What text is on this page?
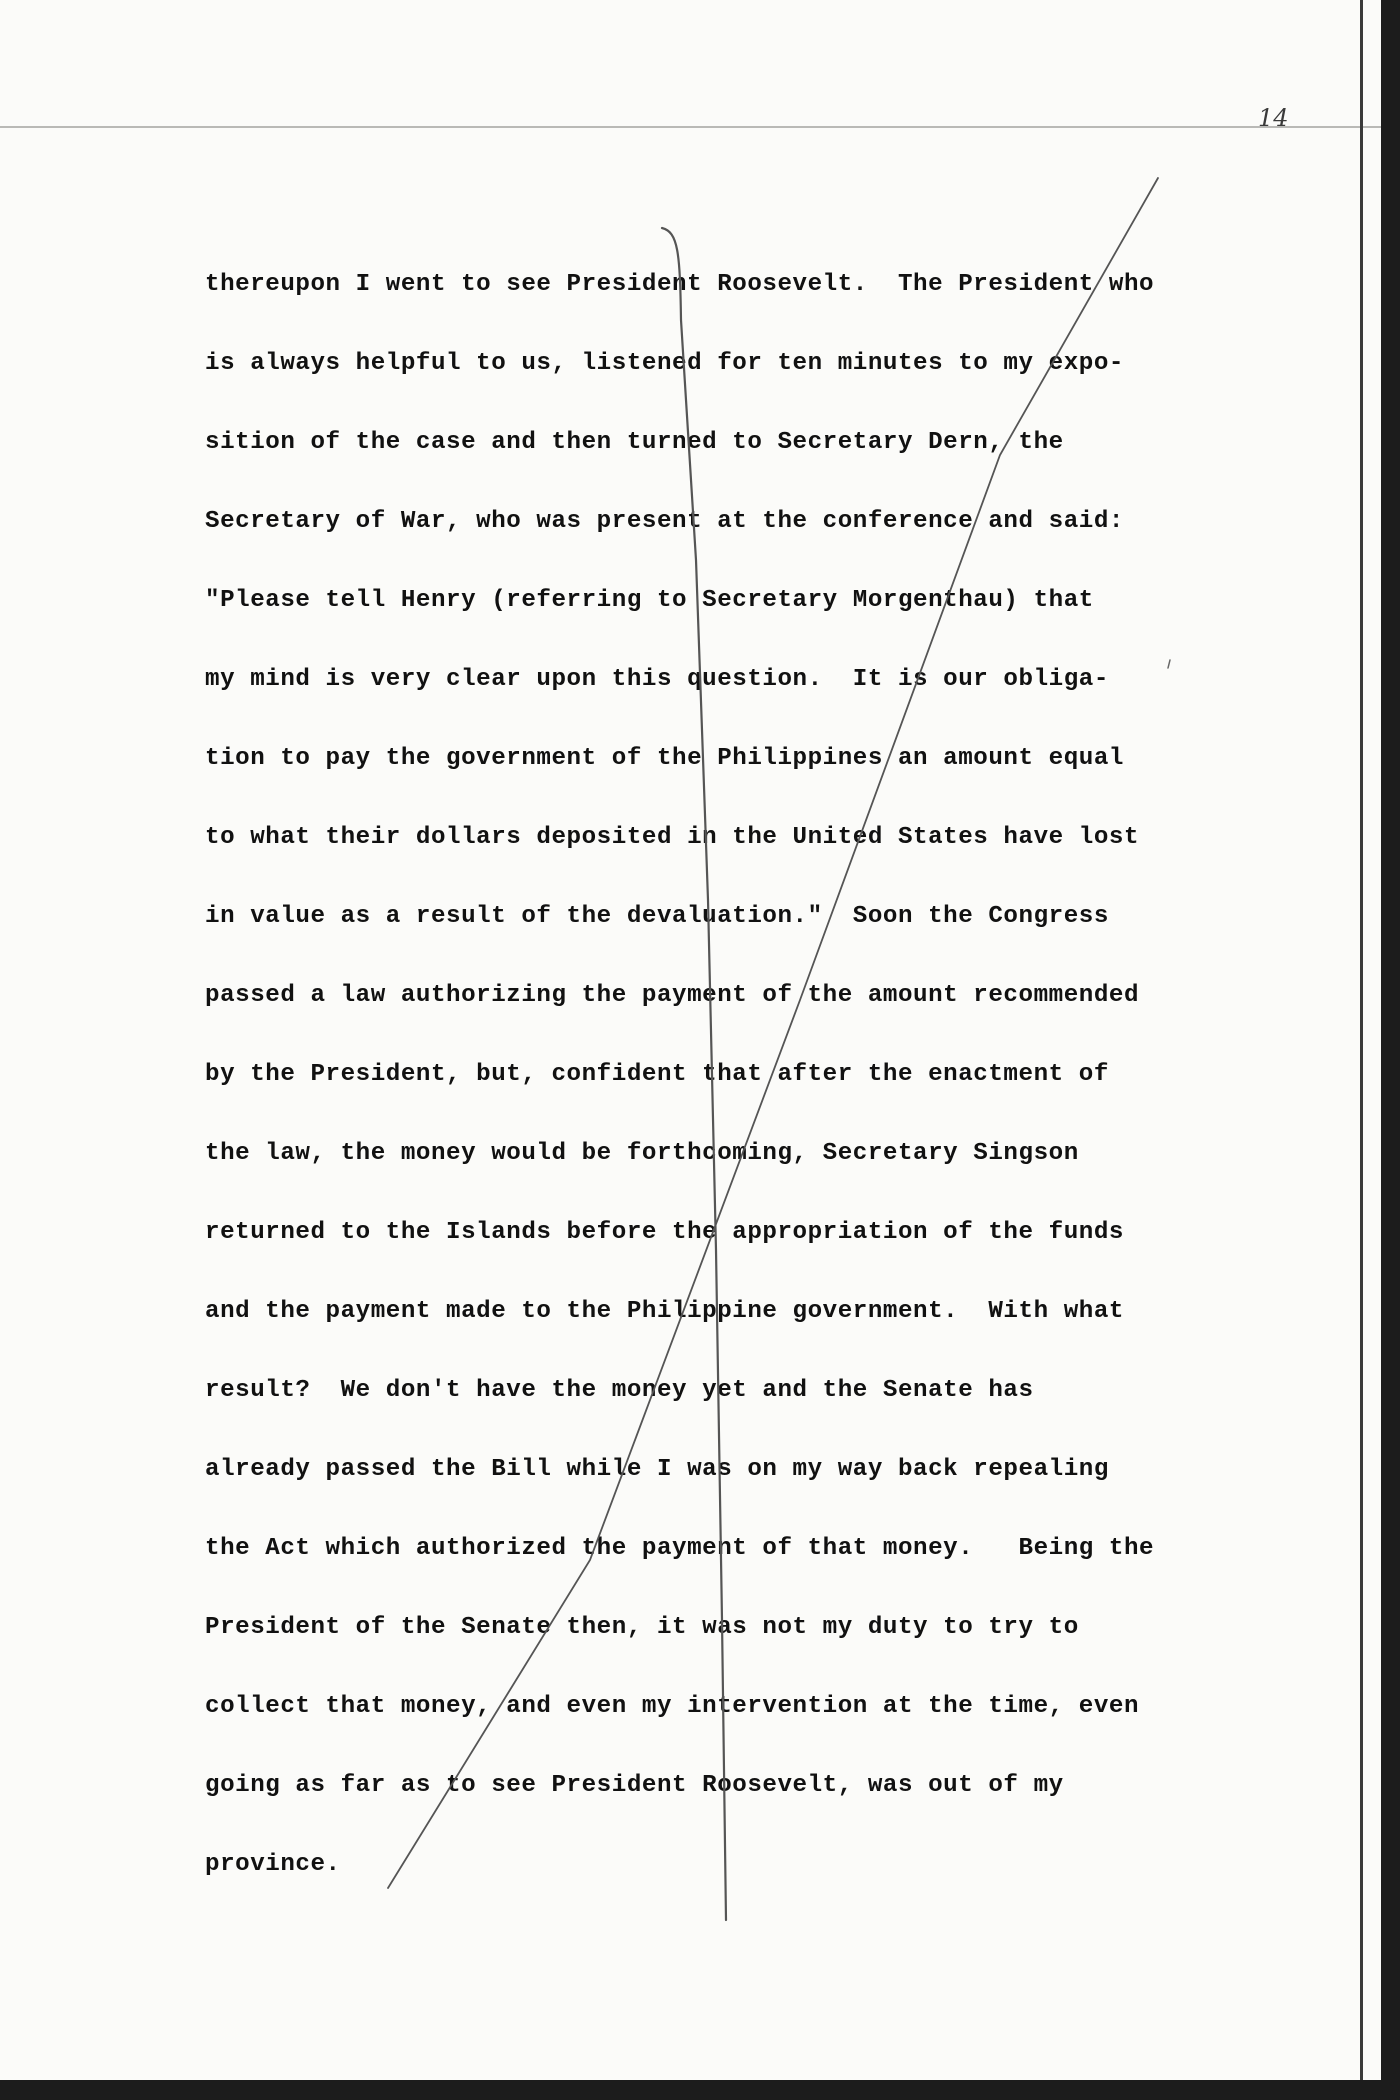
14

thereupon I went to see President Roosevelt.  The President who
is always helpful to us, listened for ten minutes to my expo-
sition of the case and then turned to Secretary Dern, the
Secretary of War, who was present at the conference and said:
"Please tell Henry (referring to Secretary Morgenthau) that
my mind is very clear upon this question.  It is our obliga-
tion to pay the government of the Philippines an amount equal
to what their dollars deposited in the United States have lost
in value as a result of the devaluation."  Soon the Congress
passed a law authorizing the payment of the amount recommended
by the President, but, confident that after the enactment of
the law, the money would be forthcoming, Secretary Singson
returned to the Islands before the appropriation of the funds
and the payment made to the Philippine government.  With what
result?  We don't have the money yet and the Senate has
already passed the Bill while I was on my way back repealing
the Act which authorized the payment of that money.   Being the
President of the Senate then, it was not my duty to try to
collect that money, and even my intervention at the time, even
going as far as to see President Roosevelt, was out of my
province.
